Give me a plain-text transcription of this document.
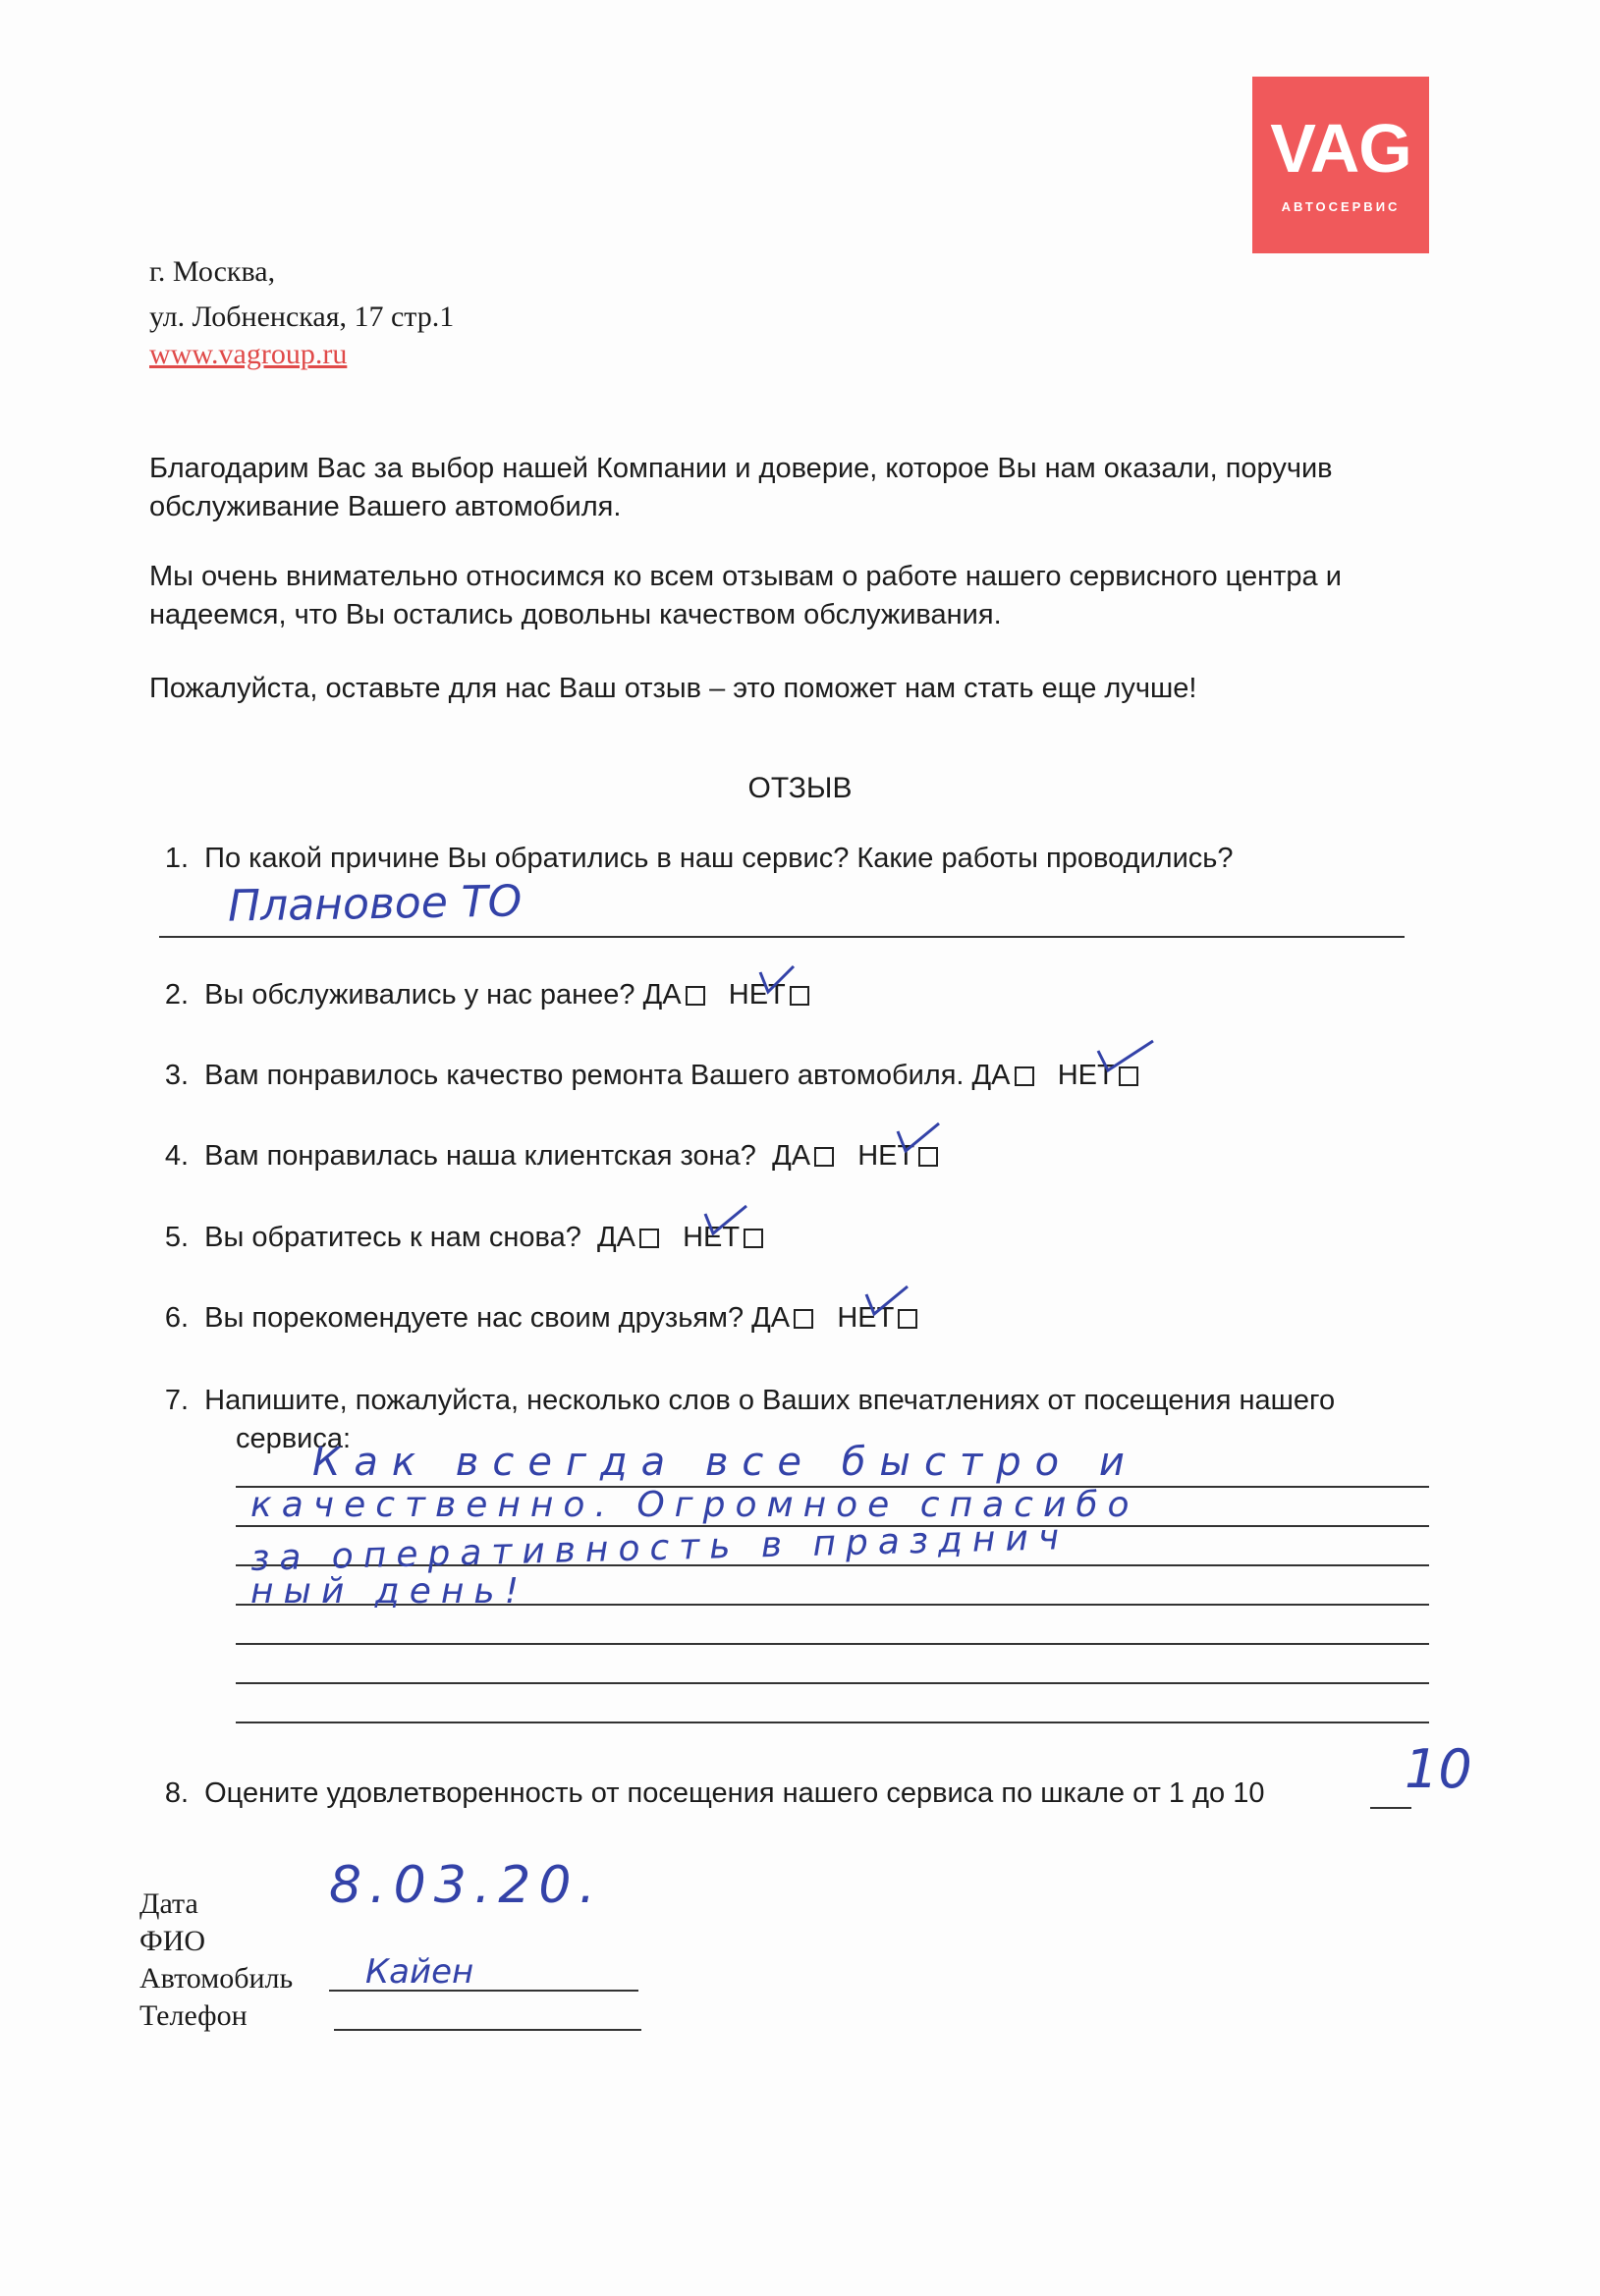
VAG
АВТОСЕРВИС
г. Москва,
ул. Лобненская, 17 стр.1
www.vagroup.ru
Благодарим Вас за выбор нашей Компании и доверие, которое Вы нам оказали, поручив обслуживание Вашего автомобиля.
Мы очень внимательно относимся ко всем отзывам о работе нашего сервисного центра и надеемся, что Вы остались довольны качеством обслуживания.
Пожалуйста, оставьте для нас Ваш отзыв – это поможет нам стать еще лучше!
ОТЗЫВ
1. По какой причине Вы обратились в наш сервис? Какие работы проводились?
Плановое ТО
2. Вы обслуживались у нас ранее? ДА НЕТ
3. Вам понравилось качество ремонта Вашего автомобиля. ДА НЕТ
4. Вам понравилась наша клиентская зона? ДА НЕТ
5. Вы обратитесь к нам снова? ДА НЕТ
6. Вы порекомендуете нас своим друзьям? ДА НЕТ
7. Напишите, пожалуйста, несколько слов о Ваших впечатлениях от посещения нашего
сервиса:
Как всегда все быстро и
качественно. Огромное спасибо
за оперативность в празднич
ный день!
8. Оцените удовлетворенность от посещения нашего сервиса по шкале от 1 до 10	10
Дата	8.03.20.
ФИО
Автомобиль Кайен
Телефон
